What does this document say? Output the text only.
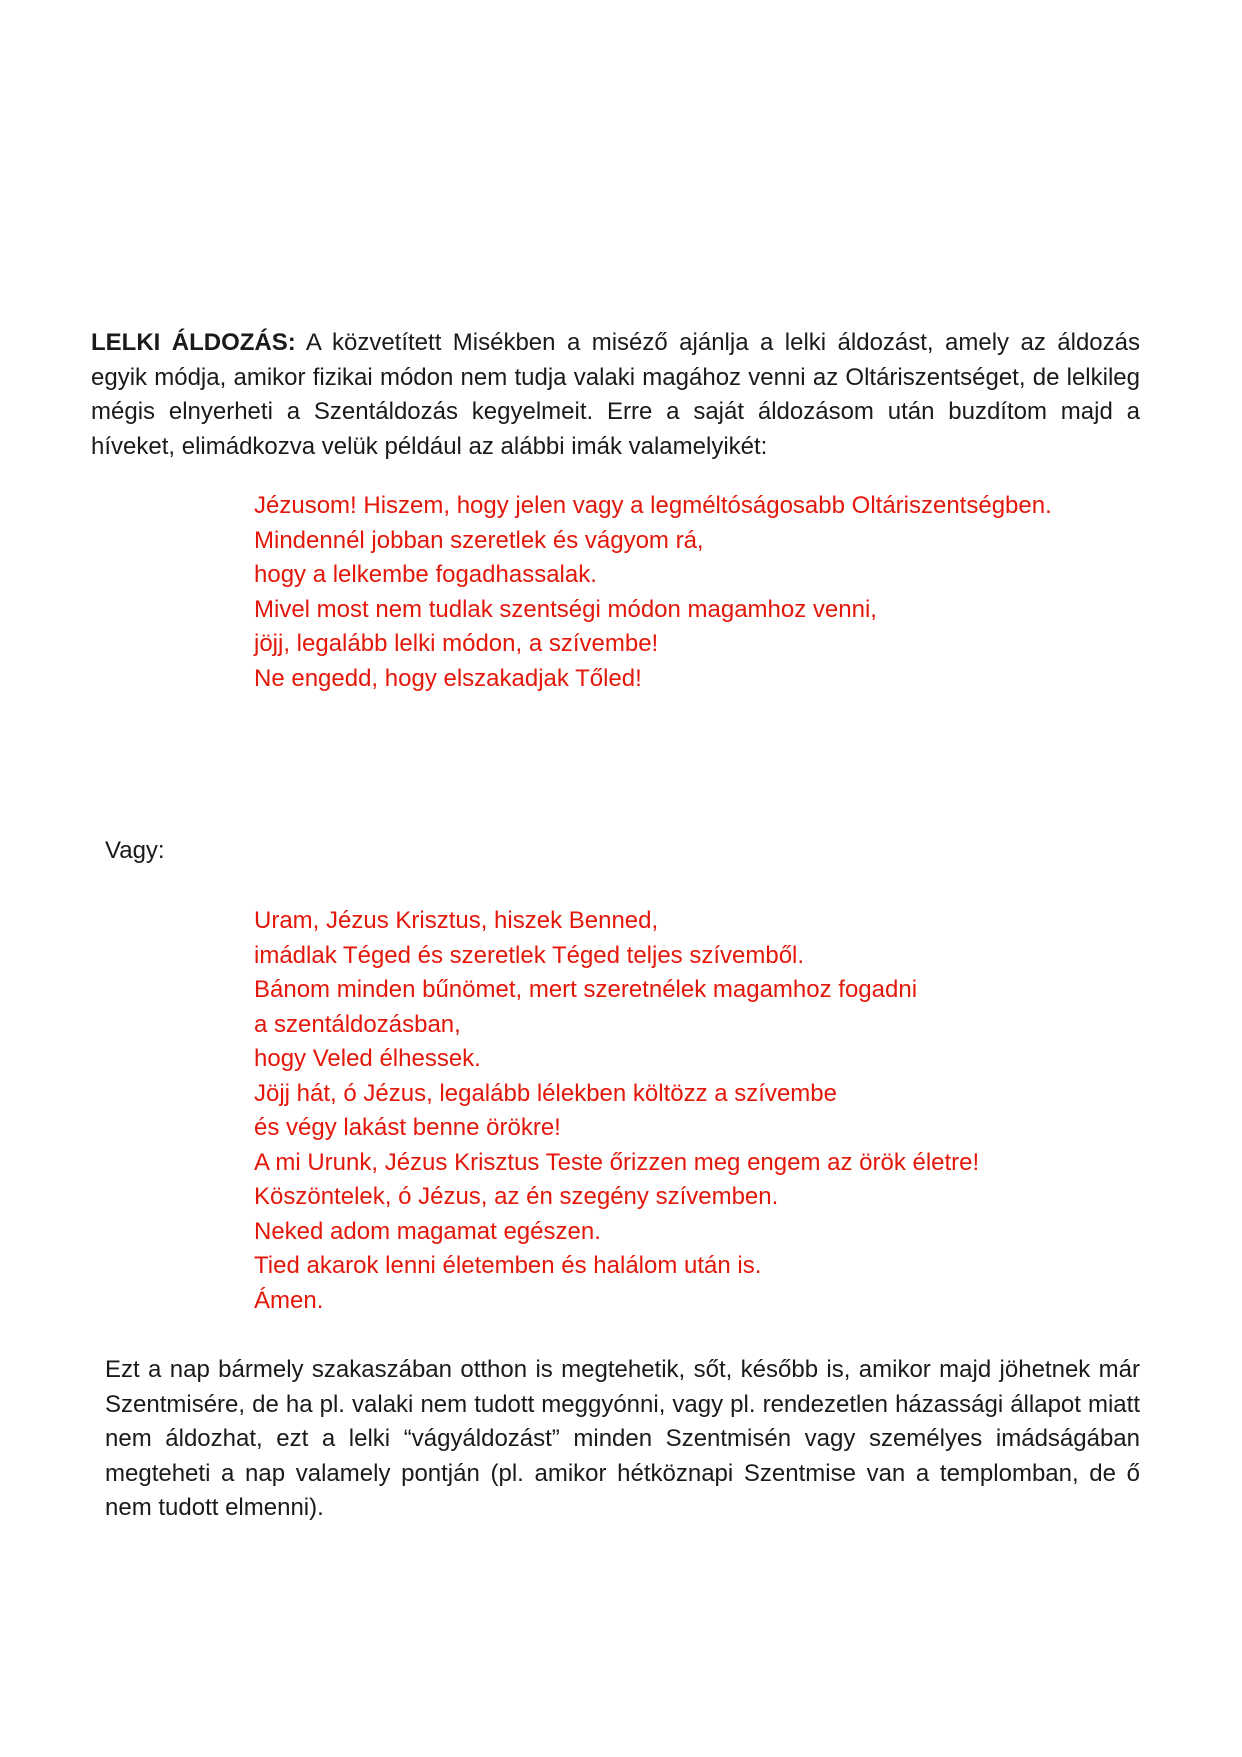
LELKI ÁLDOZÁS: A közvetített Misékben a miséző ajánlja a lelki áldozást, amely az áldozás egyik módja, amikor fizikai módon nem tudja valaki magához venni az Oltáriszentséget, de lelkileg mégis elnyerheti a Szentáldozás kegyelmeit. Erre a saját áldozásom után buzdítom majd a híveket, elimádkozva velük például az alábbi imák valamelyikét:

Jézusom! Hiszem, hogy jelen vagy a legméltóságosabb Oltáriszentségben.
Mindennél jobban szeretlek és vágyom rá,
hogy a lelkembe fogadhassalak.
Mivel most nem tudlak szentségi módon magamhoz venni,
jöjj, legalább lelki módon, a szívembe!
Ne engedd, hogy elszakadjak Tőled!

Vagy:

Uram, Jézus Krisztus, hiszek Benned,
imádlak Téged és szeretlek Téged teljes szívemből.
Bánom minden bűnömet, mert szeretnélek magamhoz fogadni
a szentáldozásban,
hogy Veled élhessek.
Jöjj hát, ó Jézus, legalább lélekben költözz a szívembe
és végy lakást benne örökre!
A mi Urunk, Jézus Krisztus Teste őrizzen meg engem az örök életre!
Köszöntelek, ó Jézus, az én szegény szívemben.
Neked adom magamat egészen.
Tied akarok lenni életemben és halálom után is.
Ámen.

Ezt a nap bármely szakaszában otthon is megtehetik, sőt, később is, amikor majd jöhetnek már Szentmisére, de ha pl. valaki nem tudott meggyónni, vagy pl. rendezetlen házassági állapot miatt nem áldozhat, ezt a lelki “vágyáldozást” minden Szentmisén vagy személyes imádságában megteheti a nap valamely pontján (pl. amikor hétköznapi Szentmise van a templomban, de ő nem tudott elmenni).
